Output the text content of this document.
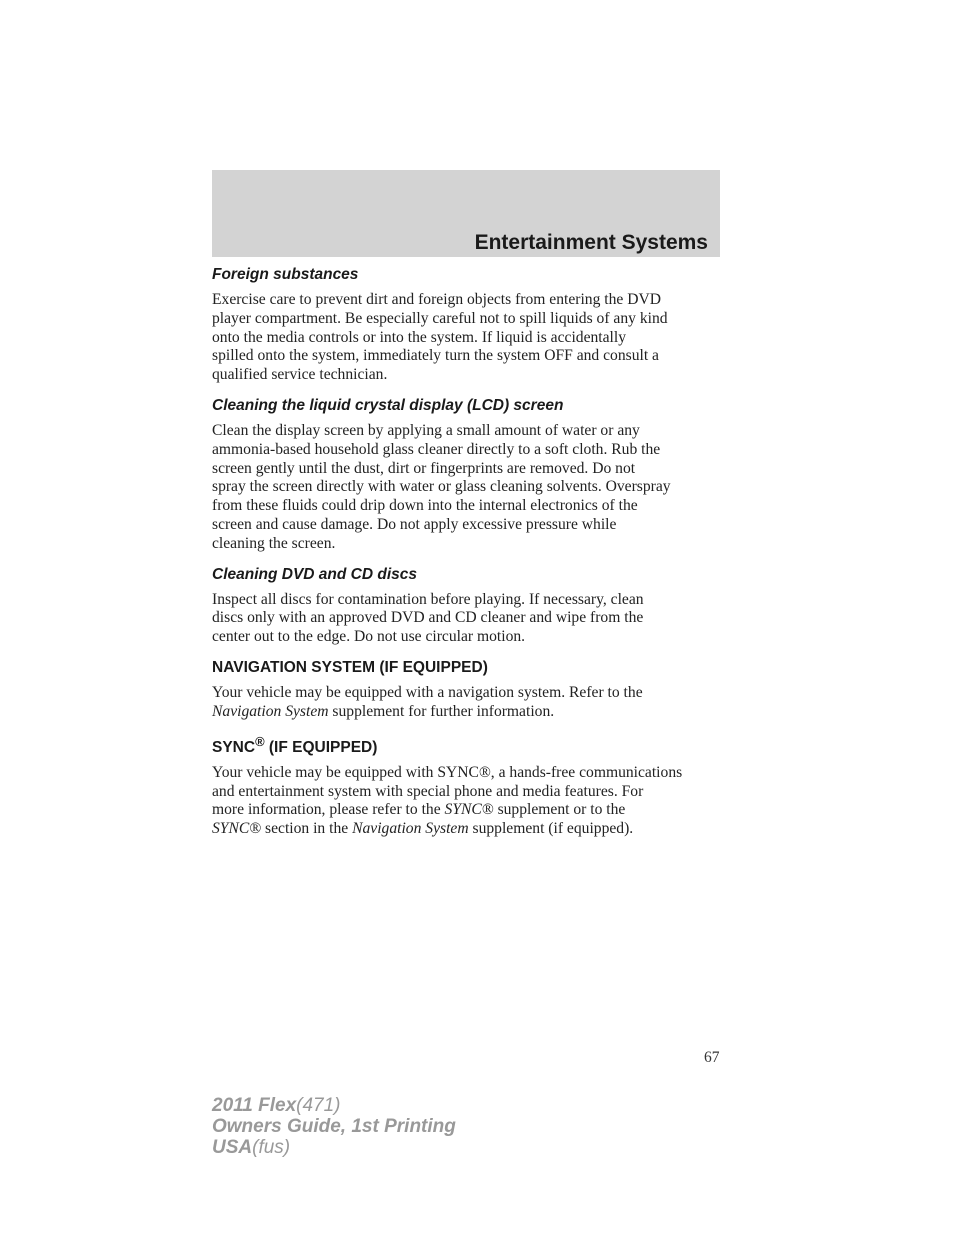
Entertainment Systems
Foreign substances

Exercise care to prevent dirt and foreign objects from entering the DVD
player compartment. Be especially careful not to spill liquids of any kind
onto the media controls or into the system. If liquid is accidentally
spilled onto the system, immediately turn the system OFF and consult a
qualified service technician.

Cleaning the liquid crystal display (LCD) screen

Clean the display screen by applying a small amount of water or any
ammonia-based household glass cleaner directly to a soft cloth. Rub the
screen gently until the dust, dirt or fingerprints are removed. Do not
spray the screen directly with water or glass cleaning solvents. Overspray
from these fluids could drip down into the internal electronics of the
screen and cause damage. Do not apply excessive pressure while
cleaning the screen.

Cleaning DVD and CD discs

Inspect all discs for contamination before playing. If necessary, clean
discs only with an approved DVD and CD cleaner and wipe from the
center out to the edge. Do not use circular motion.

NAVIGATION SYSTEM (IF EQUIPPED)

Your vehicle may be equipped with a navigation system. Refer to the
Navigation System supplement for further information.

SYNC® (IF EQUIPPED)

Your vehicle may be equipped with SYNC®, a hands-free communications
and entertainment system with special phone and media features. For
more information, please refer to the SYNC® supplement or to the
SYNC® section in the Navigation System supplement (if equipped).

67
2011 Flex(471)
Owners Guide, 1st Printing
USA(fus)
